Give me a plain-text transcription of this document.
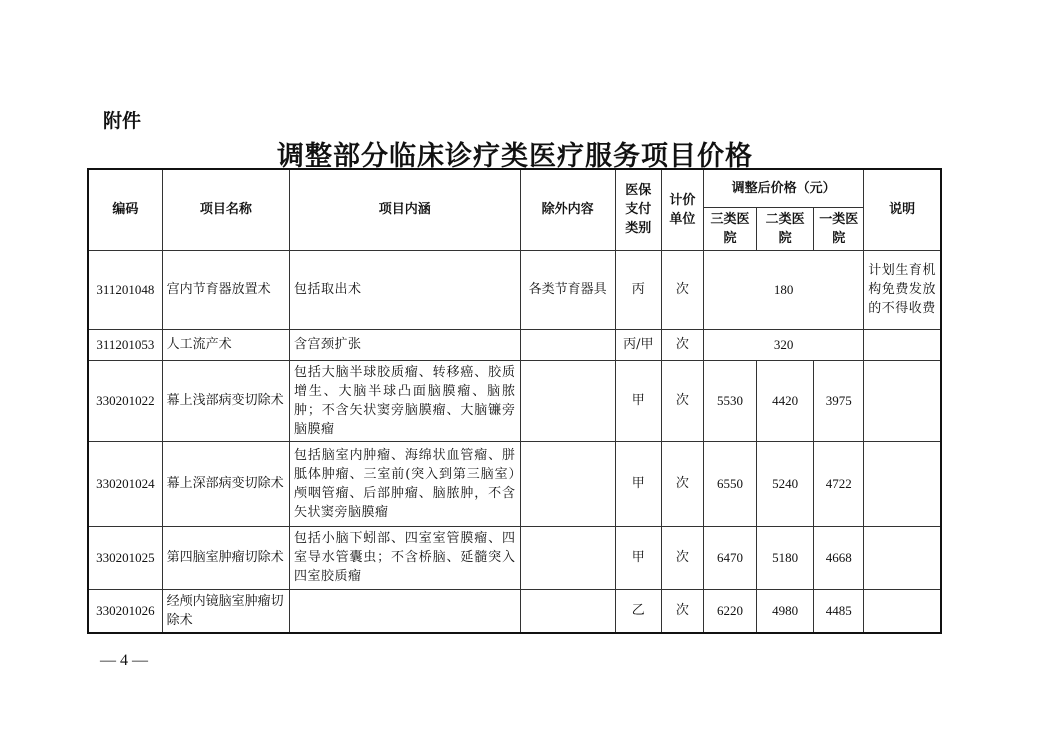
附件
调整部分临床诊疗类医疗服务项目价格
编码	项目名称	项目内涵	除外内容	医保支付类别	计价单位	调整后价格（元）			说明
						三类医院	二类医院	一类医院	
311201048	宫内节育器放置术	包括取出术	各类节育器具	丙	次	180			计划生育机构免费发放的不得收费
311201053	人工流产术	含宫颈扩张		丙/甲	次	320			
330201022	幕上浅部病变切除术	包括大脑半球胶质瘤、转移癌、胶质增生、大脑半球凸面脑膜瘤、脑脓肿；不含矢状窦旁脑膜瘤、大脑镰旁脑膜瘤		甲	次	5530	4420	3975	
330201024	幕上深部病变切除术	包括脑室内肿瘤、海绵状血管瘤、胼胝体肿瘤、三室前(突入到第三脑室）颅咽管瘤、后部肿瘤、脑脓肿，不含矢状窦旁脑膜瘤		甲	次	6550	5240	4722	
330201025	第四脑室肿瘤切除术	包括小脑下蚓部、四室室管膜瘤、四室导水管囊虫；不含桥脑、延髓突入四室胶质瘤		甲	次	6470	5180	4668	
330201026	经颅内镜脑室肿瘤切除术			乙	次	6220	4980	4485	
— 4 —
